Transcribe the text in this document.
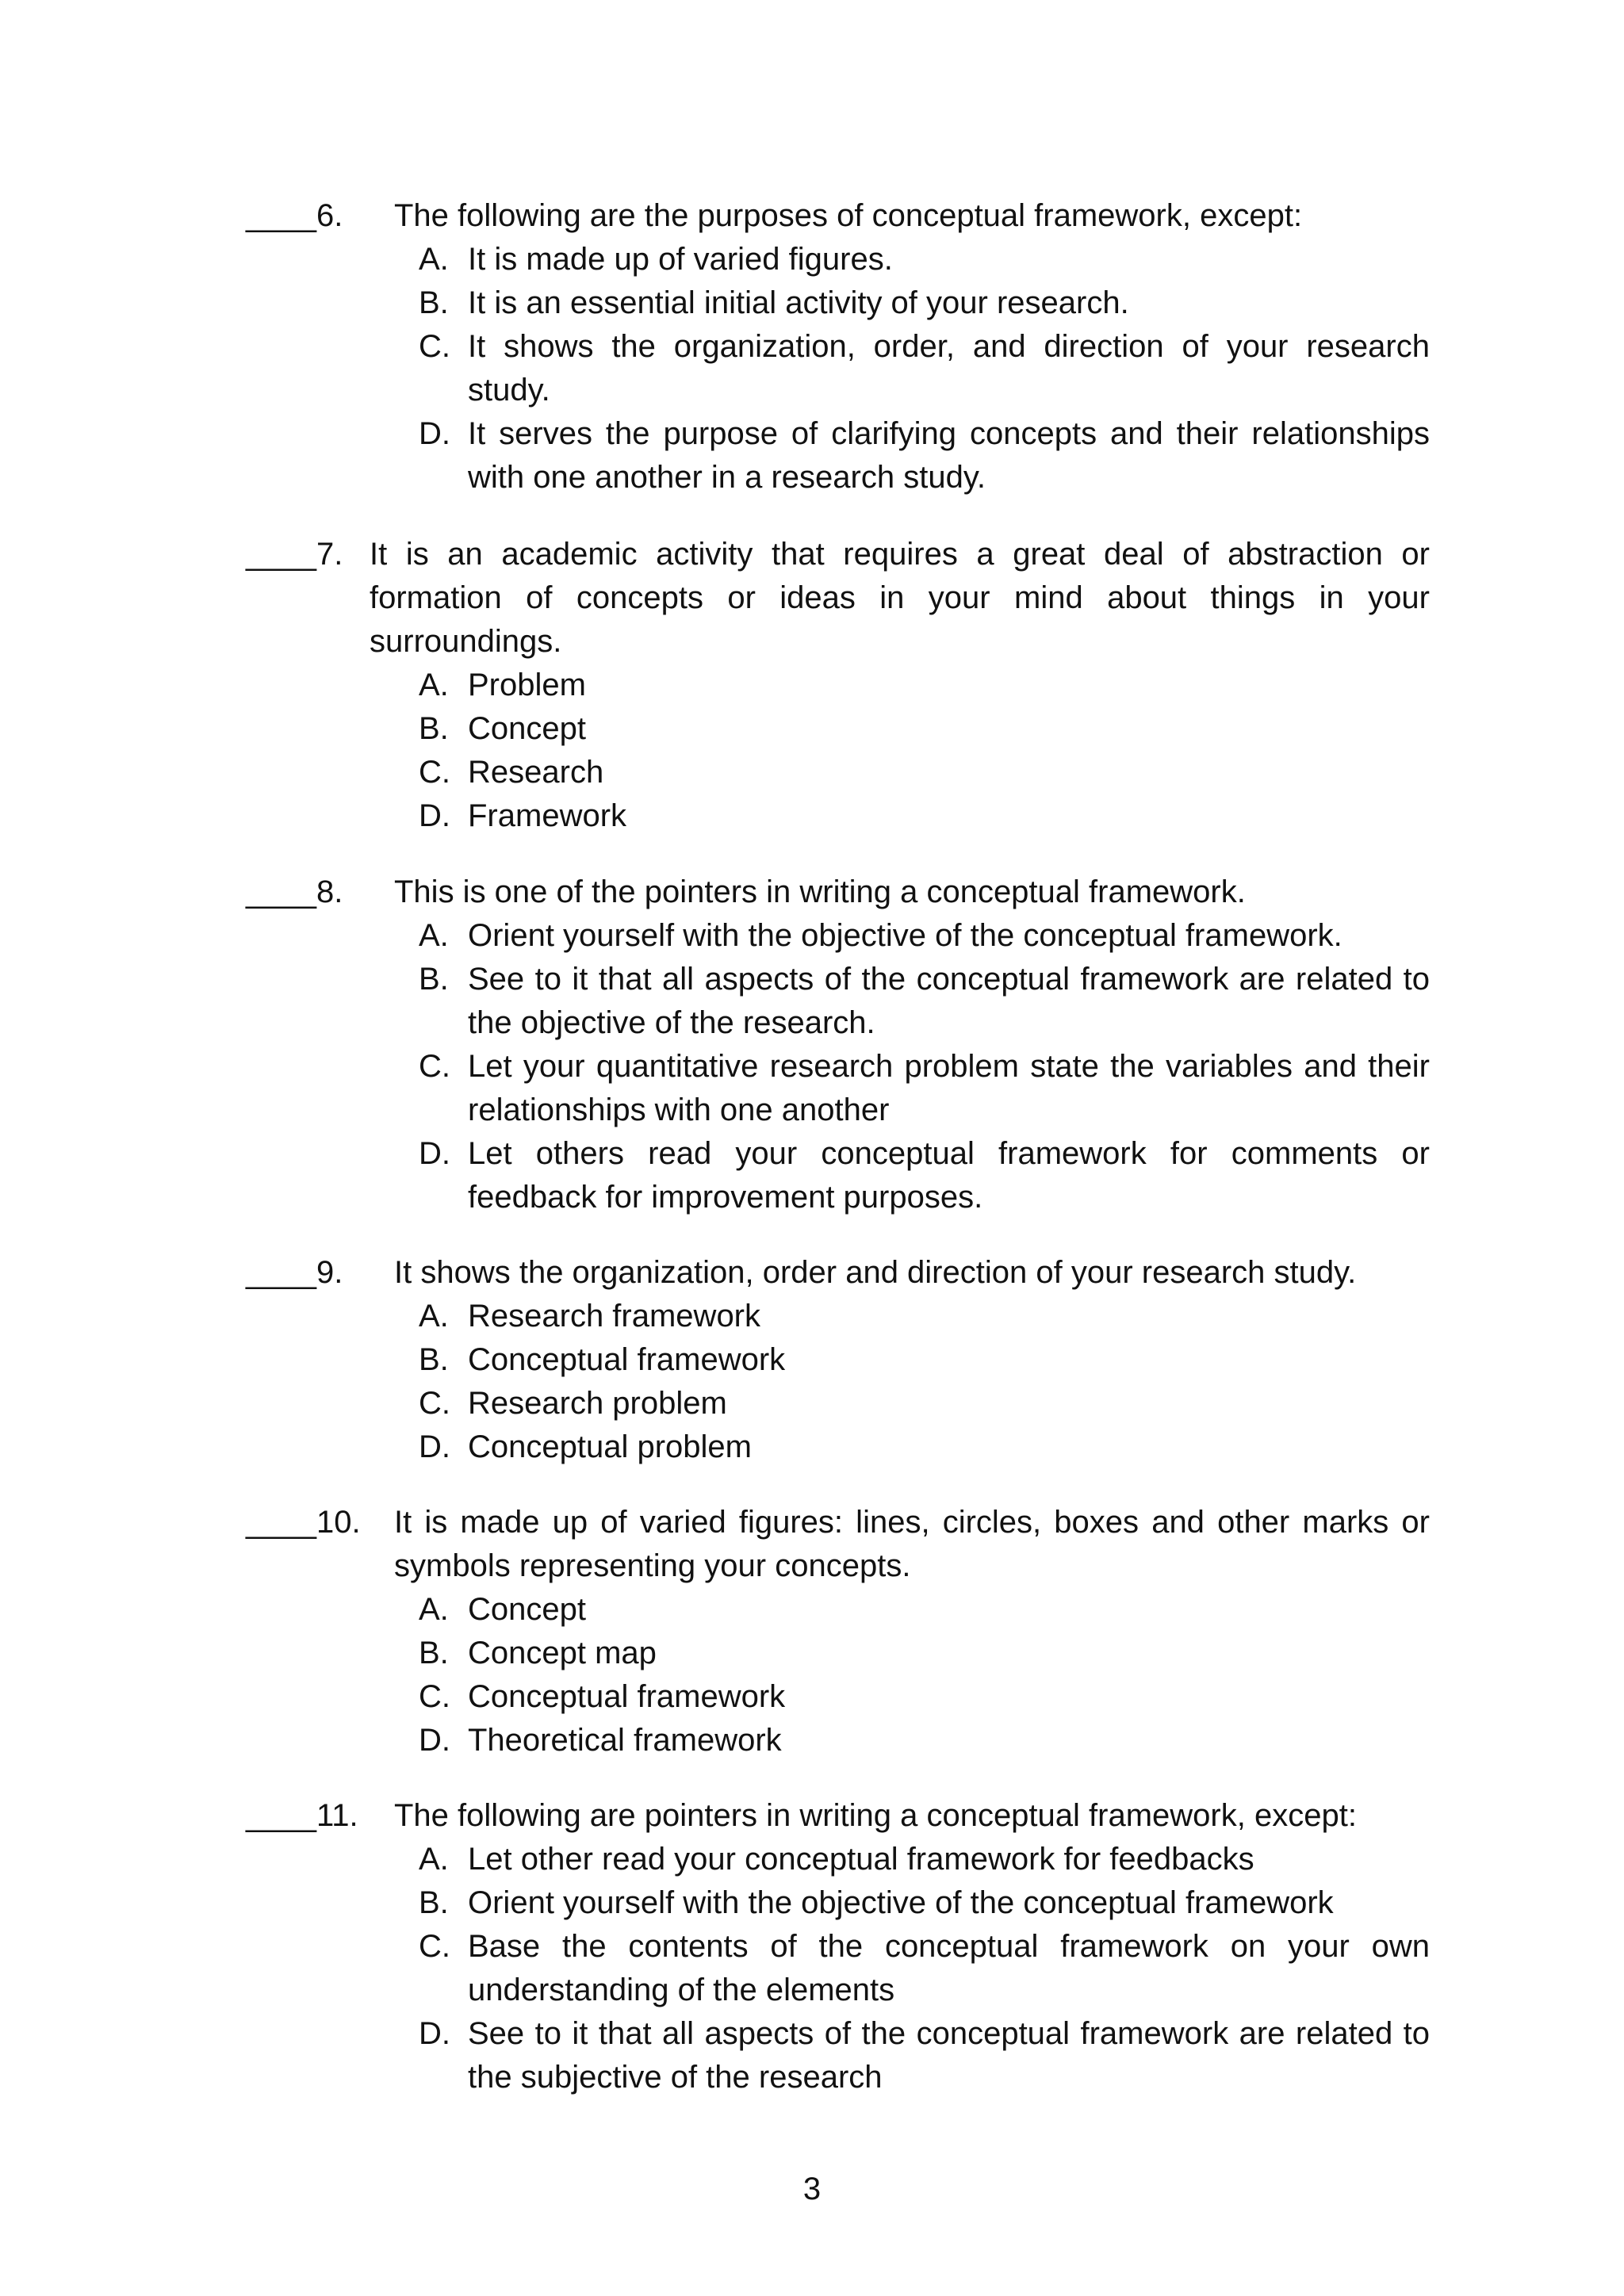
____6. The following are the purposes of conceptual framework, except:
A. It is made up of varied figures.
B. It is an essential initial activity of your research.
C. It shows the organization, order, and direction of your research study.
D. It serves the purpose of clarifying concepts and their relationships with one another in a research study.
____7. It is an academic activity that requires a great deal of abstraction or formation of concepts or ideas in your mind about things in your surroundings.
A. Problem
B. Concept
C. Research
D. Framework
____8. This is one of the pointers in writing a conceptual framework.
A. Orient yourself with the objective of the conceptual framework.
B. See to it that all aspects of the conceptual framework are related to the objective of the research.
C. Let your quantitative research problem state the variables and their relationships with one another
D. Let others read your conceptual framework for comments or feedback for improvement purposes.
____9. It shows the organization, order and direction of your research study.
A. Research framework
B. Conceptual framework
C. Research problem
D. Conceptual problem
____10. It is made up of varied figures: lines, circles, boxes and other marks or symbols representing your concepts.
A. Concept
B. Concept map
C. Conceptual framework
D. Theoretical framework
____11. The following are pointers in writing a conceptual framework, except:
A. Let other read your conceptual framework for feedbacks
B. Orient yourself with the objective of the conceptual framework
C. Base the contents of the conceptual framework on your own understanding of the elements
D. See to it that all aspects of the conceptual framework are related to the subjective of the research
3
